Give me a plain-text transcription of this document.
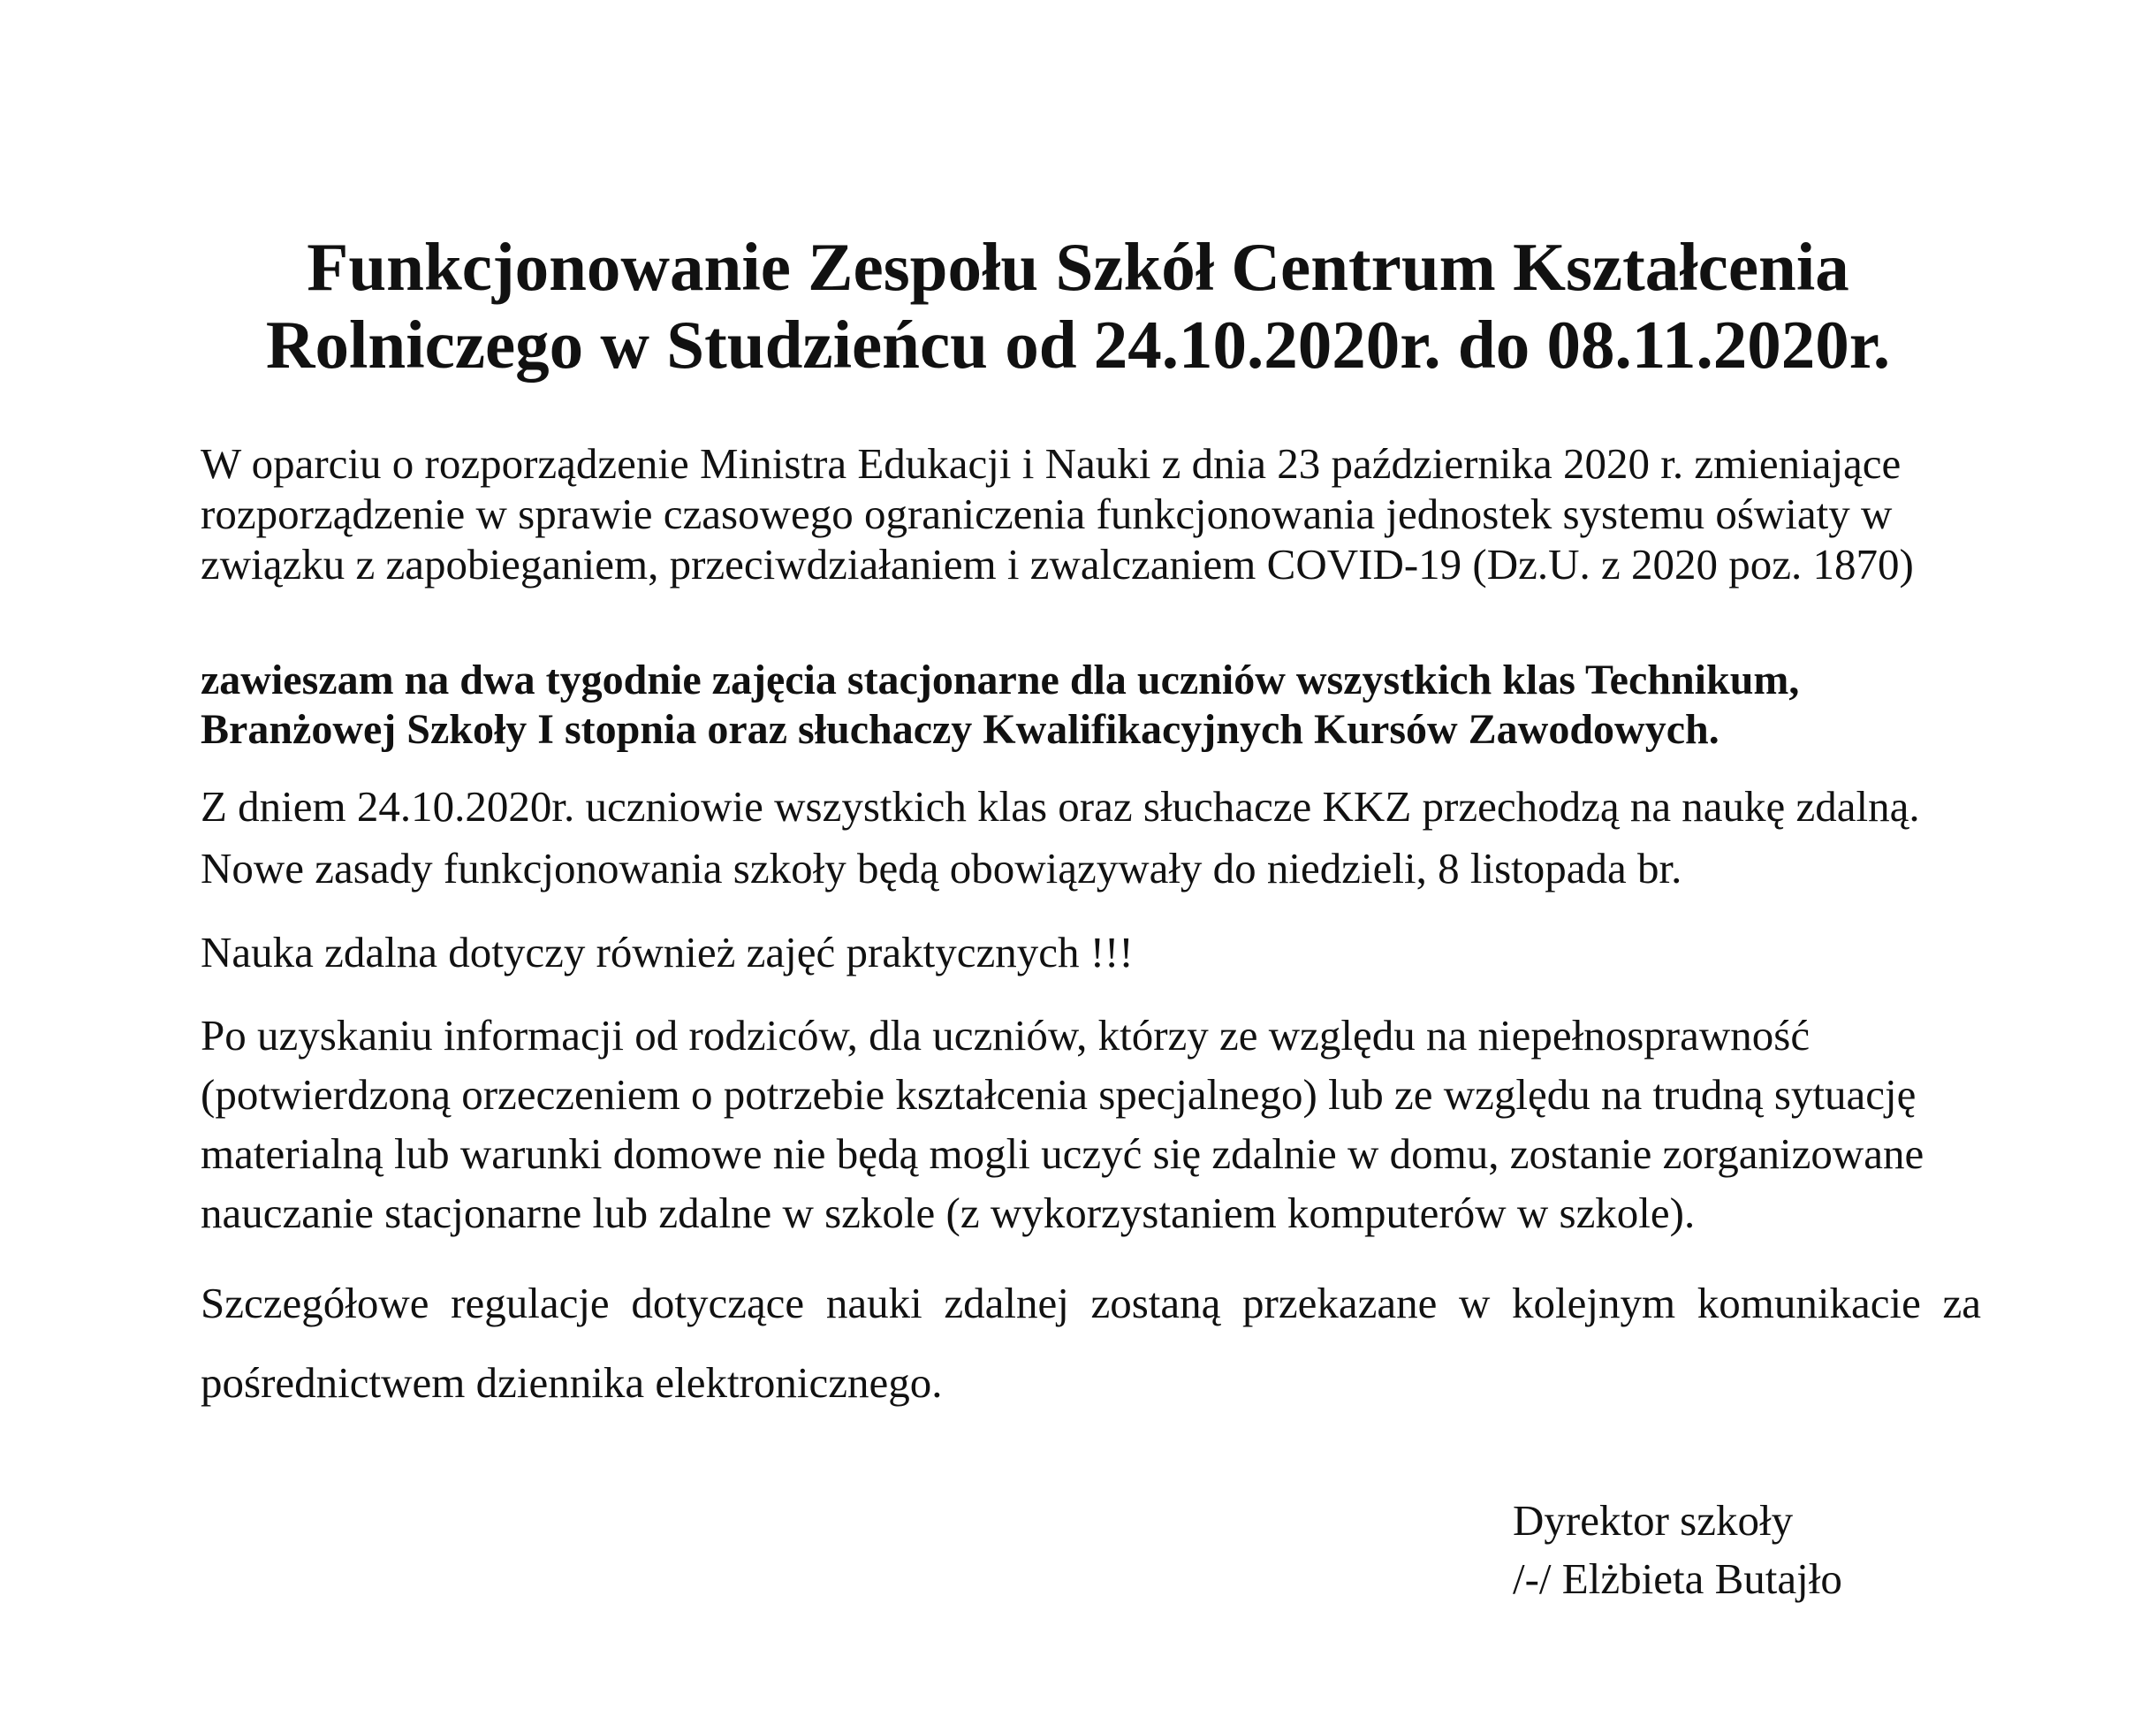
Funkcjonowanie Zespołu Szkół Centrum Kształcenia
Rolniczego w Studzieńcu od 24.10.2020r. do 08.11.2020r.

W oparciu o rozporządzenie Ministra Edukacji i Nauki z dnia 23 października 2020 r. zmieniające
rozporządzenie w sprawie czasowego ograniczenia funkcjonowania jednostek systemu oświaty w
związku z zapobieganiem, przeciwdziałaniem i zwalczaniem COVID-19 (Dz.U. z 2020 poz. 1870)

zawieszam na dwa tygodnie zajęcia stacjonarne dla uczniów wszystkich klas Technikum,
Branżowej Szkoły I stopnia oraz słuchaczy Kwalifikacyjnych Kursów Zawodowych.

Z dniem 24.10.2020r. uczniowie wszystkich klas oraz słuchacze KKZ przechodzą na naukę zdalną.
Nowe zasady funkcjonowania szkoły będą obowiązywały do niedzieli, 8 listopada br.

Nauka zdalna dotyczy również zajęć praktycznych !!!

Po uzyskaniu informacji od rodziców, dla uczniów, którzy ze względu na niepełnosprawność
(potwierdzoną orzeczeniem o potrzebie kształcenia specjalnego) lub ze względu na trudną sytuację
materialną lub warunki domowe nie będą mogli uczyć się zdalnie w domu, zostanie zorganizowane
nauczanie stacjonarne lub zdalne w szkole (z wykorzystaniem komputerów w szkole).

Szczegółowe regulacje dotyczące nauki zdalnej zostaną przekazane w kolejnym komunikacie za
pośrednictwem dziennika elektronicznego.

Dyrektor szkoły
/-/ Elżbieta Butajło
